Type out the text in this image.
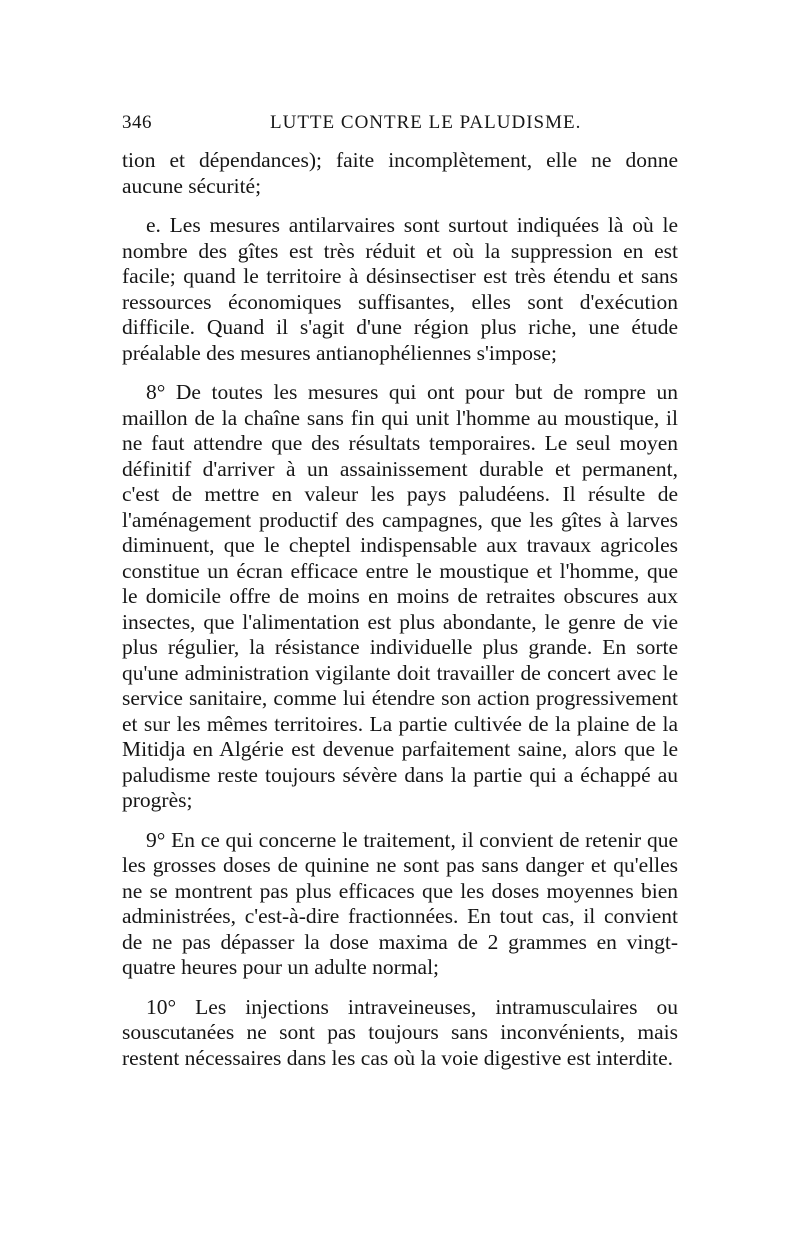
346	LUTTE CONTRE LE PALUDISME.

tion et dépendances); faite incomplètement, elle ne donne aucune sécurité;

e. Les mesures antilarvaires sont surtout indiquées là où le nombre des gîtes est très réduit et où la suppression en est facile; quand le territoire à désinsectiser est très étendu et sans ressources économiques suffisantes, elles sont d'exécution difficile. Quand il s'agit d'une région plus riche, une étude préalable des mesures antianophéliennes s'impose;

8° De toutes les mesures qui ont pour but de rompre un maillon de la chaîne sans fin qui unit l'homme au moustique, il ne faut attendre que des résultats temporaires. Le seul moyen définitif d'arriver à un assainissement durable et permanent, c'est de mettre en valeur les pays paludéens. Il résulte de l'aménagement productif des campagnes, que les gîtes à larves diminuent, que le cheptel indispensable aux travaux agricoles constitue un écran efficace entre le moustique et l'homme, que le domicile offre de moins en moins de retraites obscures aux insectes, que l'alimentation est plus abondante, le genre de vie plus régulier, la résistance individuelle plus grande. En sorte qu'une administration vigilante doit travailler de concert avec le service sanitaire, comme lui étendre son action progressivement et sur les mêmes territoires. La partie cultivée de la plaine de la Mitidja en Algérie est devenue parfaitement saine, alors que le paludisme reste toujours sévère dans la partie qui a échappé au progrès;

9° En ce qui concerne le traitement, il convient de retenir que les grosses doses de quinine ne sont pas sans danger et qu'elles ne se montrent pas plus efficaces que les doses moyennes bien administrées, c'est-à-dire fractionnées. En tout cas, il convient de ne pas dépasser la dose maxima de 2 grammes en vingt-quatre heures pour un adulte normal;

10° Les injections intraveineuses, intramusculaires ou souscutanées ne sont pas toujours sans inconvénients, mais restent nécessaires dans les cas où la voie digestive est interdite.
